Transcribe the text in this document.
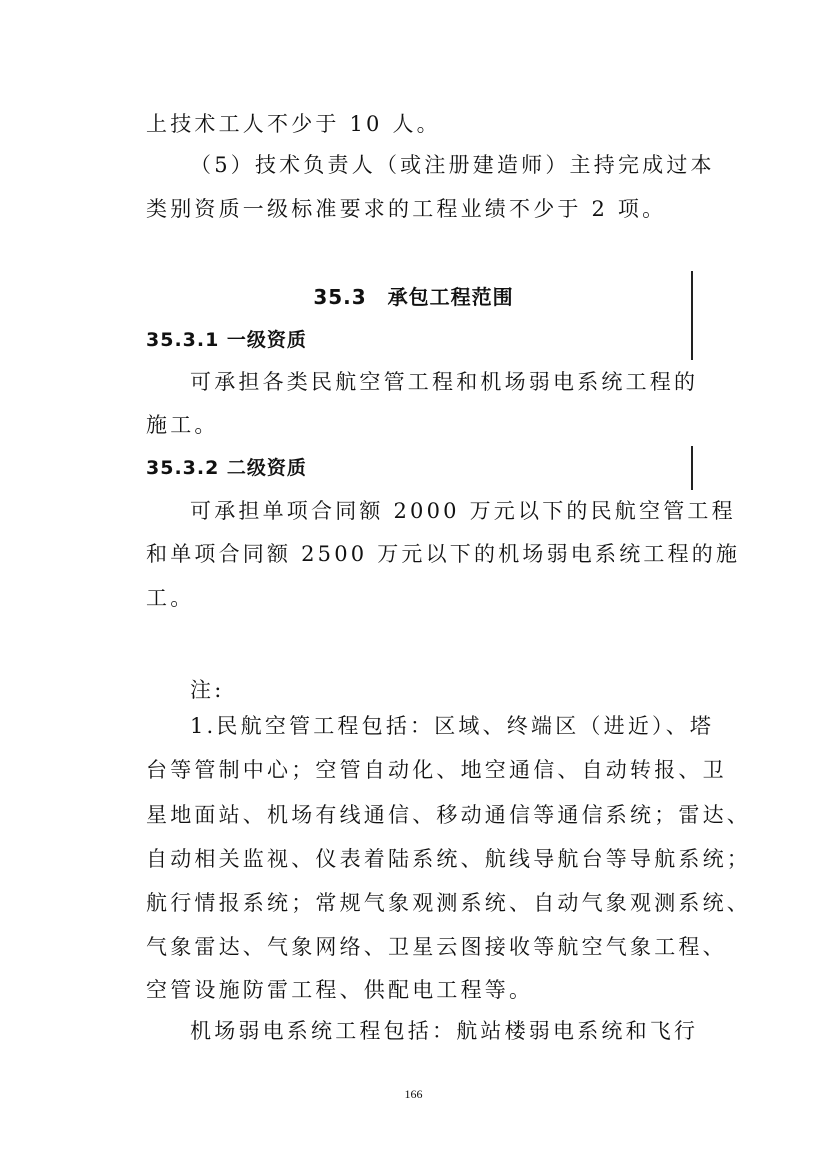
上技术工人不少于 10 人。
（5）技术负责人（或注册建造师）主持完成过本
类别资质一级标准要求的工程业绩不少于 2 项。
35.3　承包工程范围
35.3.1 一级资质
可承担各类民航空管工程和机场弱电系统工程的
施工。
35.3.2 二级资质
可承担单项合同额 2000 万元以下的民航空管工程
和单项合同额 2500 万元以下的机场弱电系统工程的施
工。
注:
1.民航空管工程包括：区域、终端区（进近）、塔
台等管制中心；空管自动化、地空通信、自动转报、卫
星地面站、机场有线通信、移动通信等通信系统；雷达、
自动相关监视、仪表着陆系统、航线导航台等导航系统；
航行情报系统；常规气象观测系统、自动气象观测系统、
气象雷达、气象网络、卫星云图接收等航空气象工程、
空管设施防雷工程、供配电工程等。
机场弱电系统工程包括：航站楼弱电系统和飞行
166
